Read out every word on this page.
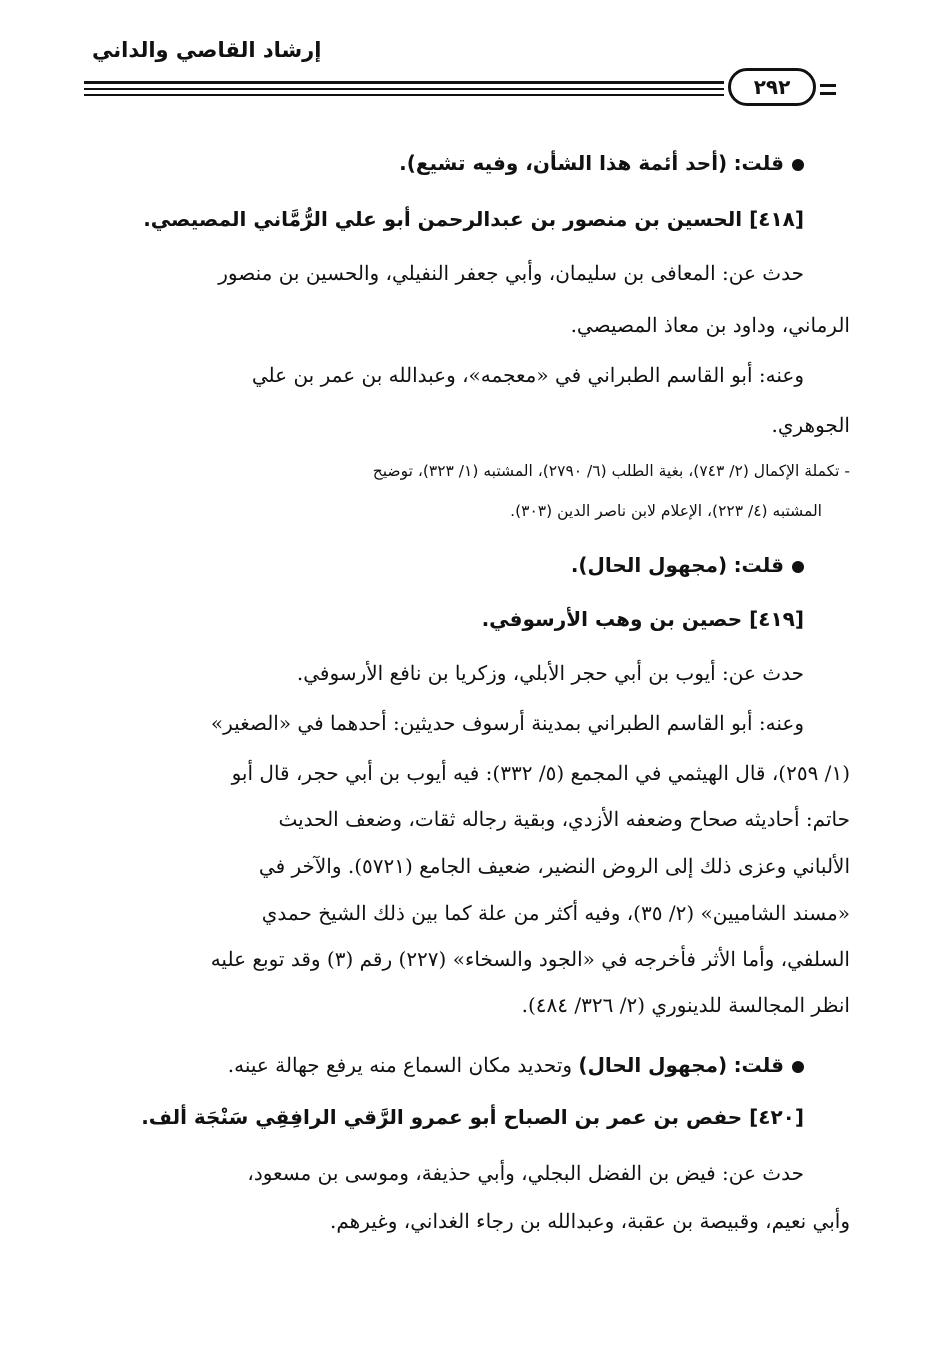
إرشاد القاصي والداني
٢٩٢
قلت: (أحد أئمة هذا الشأن، وفيه تشيع).
[٤١٨] الحسين بن منصور بن عبدالرحمن أبو علي الرُّمَّاني المصيصي.
حدث عن: المعافى بن سليمان، وأبي جعفر النفيلي، والحسين بن منصور
الرماني، وداود بن معاذ المصيصي.
وعنه: أبو القاسم الطبراني في «معجمه»، وعبدالله بن عمر بن علي
الجوهري.
- تكملة الإكمال (٢/ ٧٤٣)، بغية الطلب (٦/ ٢٧٩٠)، المشتبه (١/ ٣٢٣)، توضيح
المشتبه (٤/ ٢٢٣)، الإعلام لابن ناصر الدين (٣٠٣).
قلت: (مجهول الحال).
[٤١٩] حصين بن وهب الأرسوفي.
حدث عن: أيوب بن أبي حجر الأبلي، وزكريا بن نافع الأرسوفي.
وعنه: أبو القاسم الطبراني بمدينة أرسوف حديثين: أحدهما في «الصغير»
(١/ ٢٥٩)، قال الهيثمي في المجمع (٥/ ٣٣٢): فيه أيوب بن أبي حجر، قال أبو
حاتم: أحاديثه صحاح وضعفه الأزدي، وبقية رجاله ثقات، وضعف الحديث
الألباني وعزى ذلك إلى الروض النضير، ضعيف الجامع (٥٧٢١). والآخر في
«مسند الشاميين» (٢/ ٣٥)، وفيه أكثر من علة كما بين ذلك الشيخ حمدي
السلفي، وأما الأثر فأخرجه في «الجود والسخاء» (٢٢٧) رقم (٣) وقد توبع عليه
انظر المجالسة للدينوري (٢/ ٣٢٦/ ٤٨٤).
قلت: (مجهول الحال) وتحديد مكان السماع منه يرفع جهالة عينه.
[٤٢٠] حفص بن عمر بن الصباح أبو عمرو الرَّقي الرافِقِي سَنْجَة ألف.
حدث عن: فيض بن الفضل البجلي، وأبي حذيفة، وموسى بن مسعود،
وأبي نعيم، وقبيصة بن عقبة، وعبدالله بن رجاء الغداني، وغيرهم.
